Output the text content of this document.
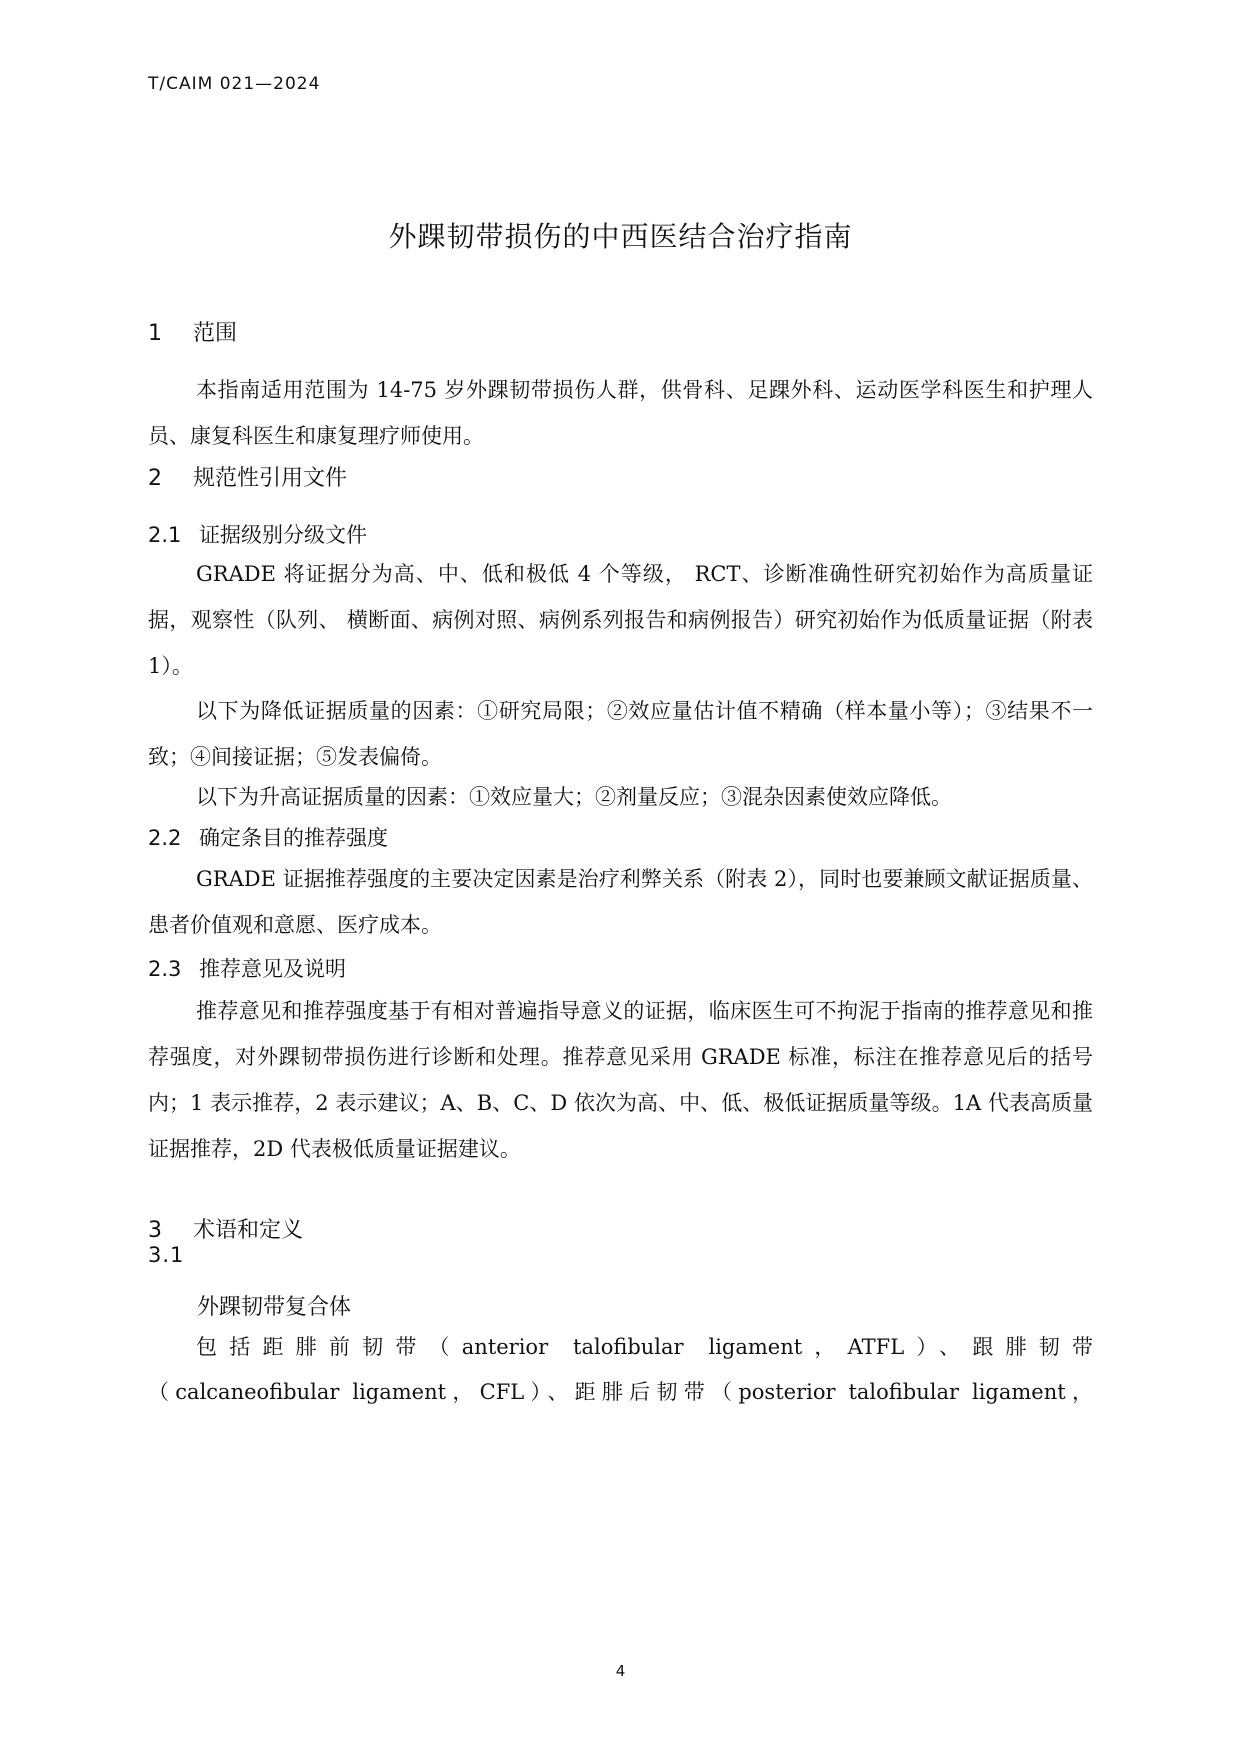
T/CAIM 021—2024
外踝韧带损伤的中西医结合治疗指南
1 范围
本指南适用范围为 14-75 岁外踝韧带损伤人群，供骨科、足踝外科、运动医学科医生和护理人员、康复科医生和康复理疗师使用。
2 规范性引用文件
2.1 证据级别分级文件
GRADE 将证据分为高、中、低和极低 4 个等级， RCT、诊断准确性研究初始作为高质量证据，观察性（队列、 横断面、病例对照、病例系列报告和病例报告）研究初始作为低质量证据（附表 1）。
以下为降低证据质量的因素：①研究局限；②效应量估计值不精确（样本量小等）；③结果不一致；④间接证据；⑤发表偏倚。
以下为升高证据质量的因素：①效应量大；②剂量反应；③混杂因素使效应降低。
2.2 确定条目的推荐强度
GRADE 证据推荐强度的主要决定因素是治疗利弊关系（附表 2），同时也要兼顾文献证据质量、患者价值观和意愿、医疗成本。
2.3 推荐意见及说明
推荐意见和推荐强度基于有相对普遍指导意义的证据，临床医生可不拘泥于指南的推荐意见和推荐强度，对外踝韧带损伤进行诊断和处理。推荐意见采用 GRADE 标准，标注在推荐意见后的括号内；1 表示推荐，2 表示建议；A、B、C、D 依次为高、中、低、极低证据质量等级。1A 代表高质量证据推荐，2D 代表极低质量证据建议。
3 术语和定义
3.1
外踝韧带复合体
包括距腓前韧带（anterior talofibular ligament，ATFL）、跟腓韧带
（calcaneofibular ligament，CFL）、距腓后韧带（posterior talofibular ligament，
4
